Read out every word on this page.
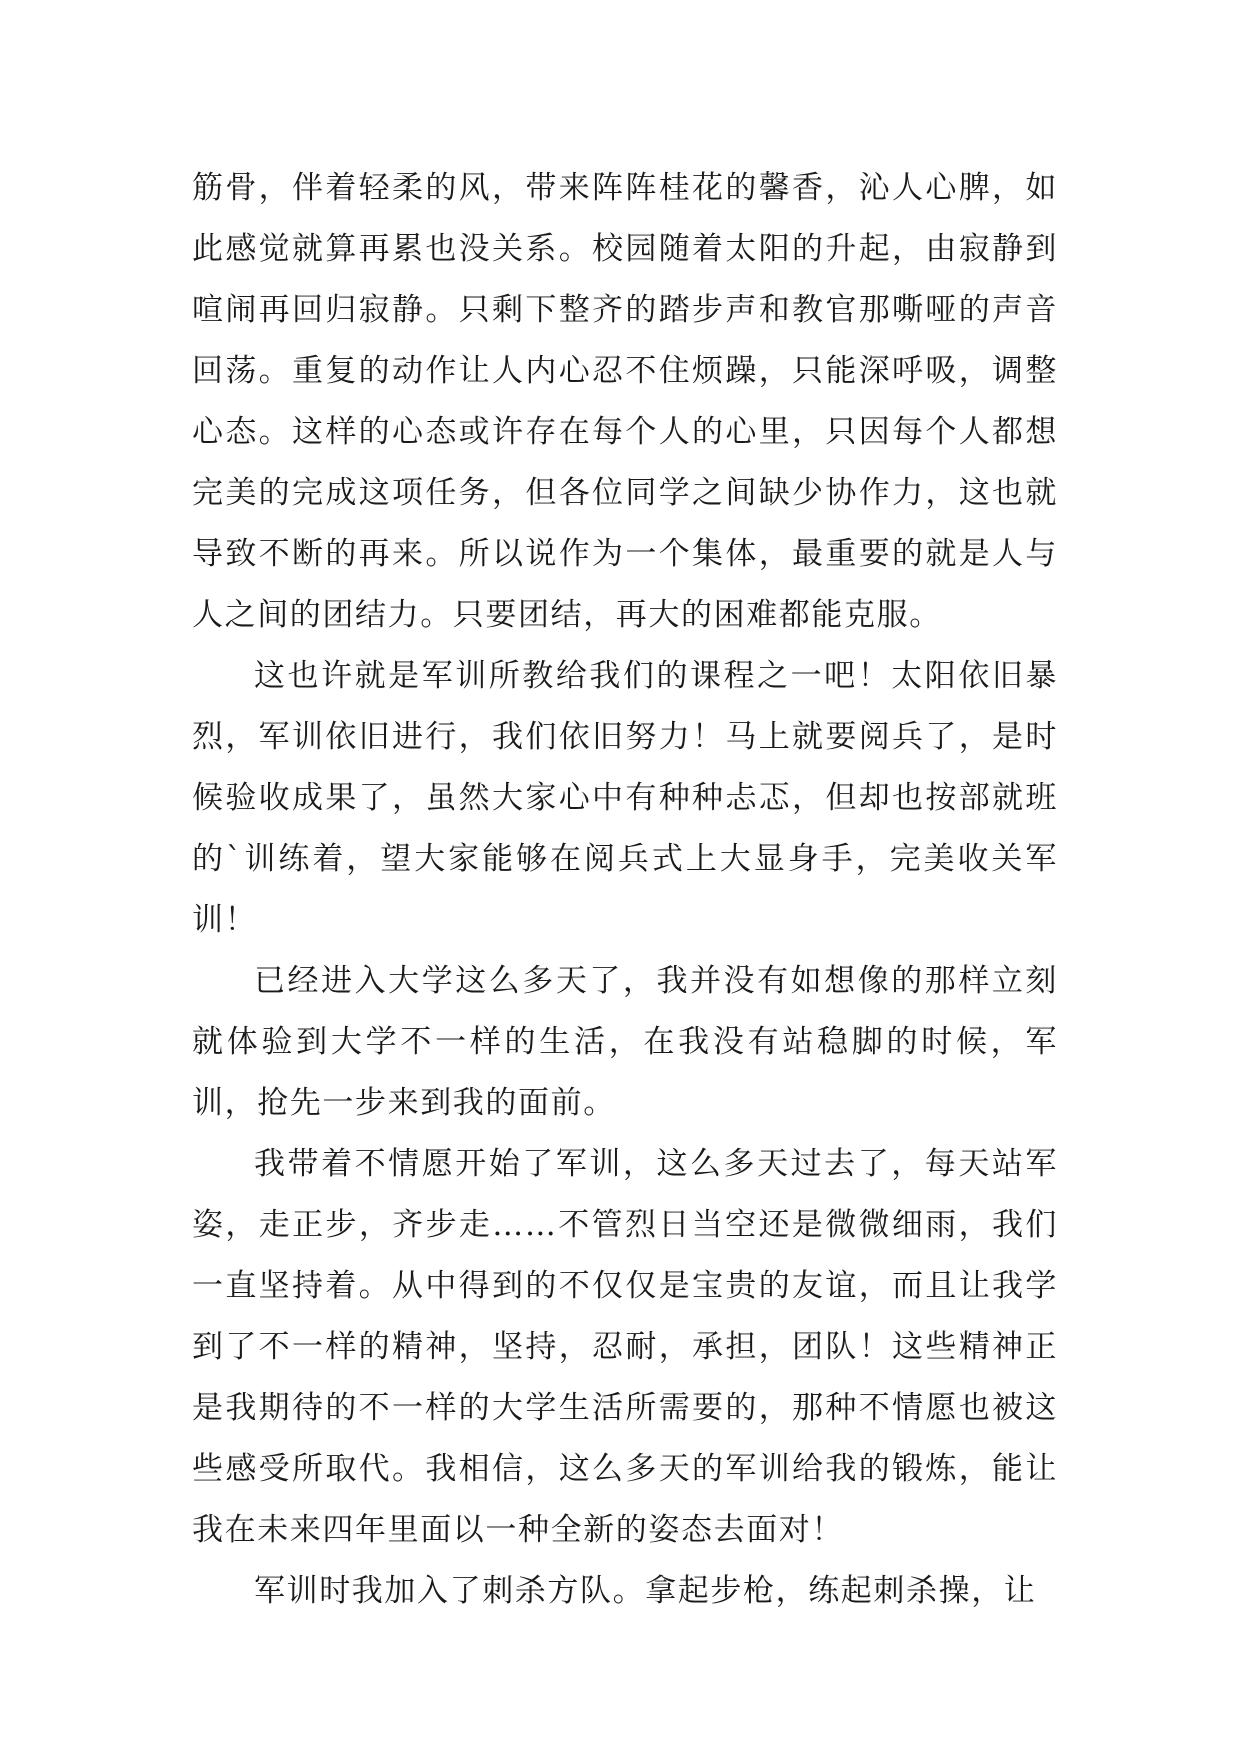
筋骨，伴着轻柔的风，带来阵阵桂花的馨香，沁人心脾，如此感觉就算再累也没关系。校园随着太阳的升起，由寂静到喧闹再回归寂静。只剩下整齐的踏步声和教官那嘶哑的声音回荡。重复的动作让人内心忍不住烦躁，只能深呼吸，调整心态。这样的心态或许存在每个人的心里，只因每个人都想完美的完成这项任务，但各位同学之间缺少协作力，这也就导致不断的再来。所以说作为一个集体，最重要的就是人与人之间的团结力。只要团结，再大的困难都能克服。

这也许就是军训所教给我们的课程之一吧！太阳依旧暴烈，军训依旧进行，我们依旧努力！马上就要阅兵了，是时候验收成果了，虽然大家心中有种种忐忑，但却也按部就班的`训练着，望大家能够在阅兵式上大显身手，完美收关军训！

已经进入大学这么多天了，我并没有如想像的那样立刻就体验到大学不一样的生活，在我没有站稳脚的时候，军训，抢先一步来到我的面前。

我带着不情愿开始了军训，这么多天过去了，每天站军姿，走正步，齐步走……不管烈日当空还是微微细雨，我们一直坚持着。从中得到的不仅仅是宝贵的友谊，而且让我学到了不一样的精神，坚持，忍耐，承担，团队！这些精神正是我期待的不一样的大学生活所需要的，那种不情愿也被这些感受所取代。我相信，这么多天的军训给我的锻炼，能让我在未来四年里面以一种全新的姿态去面对！

军训时我加入了刺杀方队。拿起步枪，练起刺杀操，让
